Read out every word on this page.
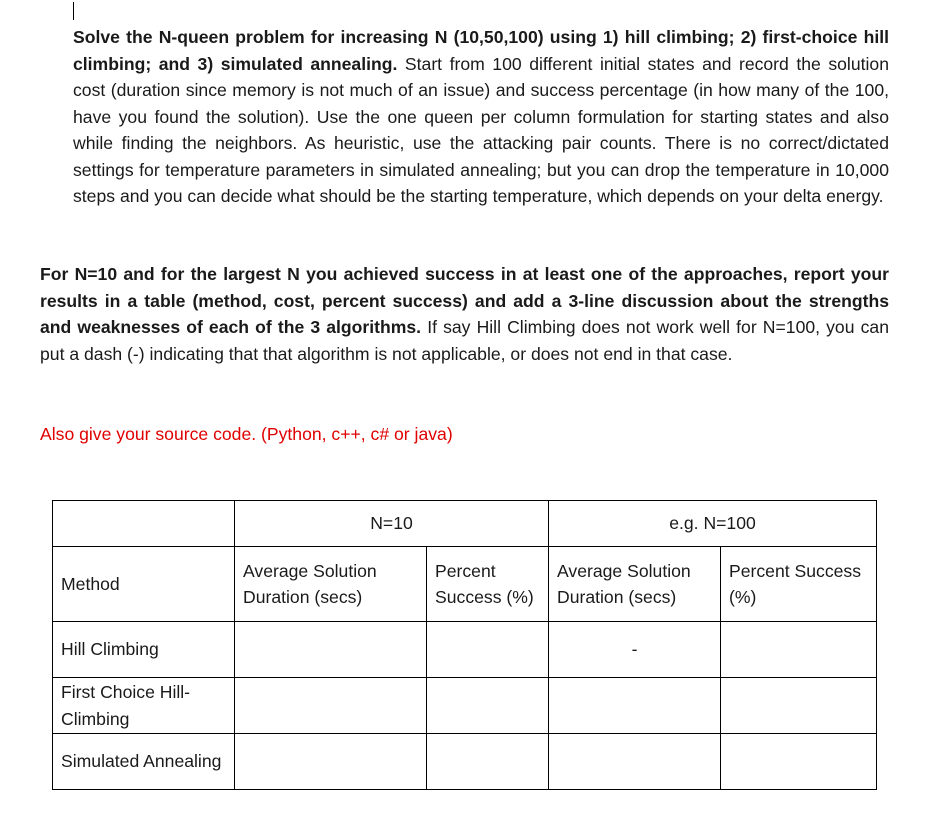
Solve the N-queen problem for increasing N (10,50,100) using 1) hill climbing; 2) first-choice hill climbing; and 3) simulated annealing. Start from 100 different initial states and record the solution cost (duration since memory is not much of an issue) and success percentage (in how many of the 100, have you found the solution). Use the one queen per column formulation for starting states and also while finding the neighbors. As heuristic, use the attacking pair counts. There is no correct/dictated settings for temperature parameters in simulated annealing; but you can drop the temperature in 10,000 steps and you can decide what should be the starting temperature, which depends on your delta energy.

For N=10 and for the largest N you achieved success in at least one of the approaches, report your results in a table (method, cost, percent success) and add a 3-line discussion about the strengths and weaknesses of each of the 3 algorithms. If say Hill Climbing does not work well for N=100, you can put a dash (-) indicating that that algorithm is not applicable, or does not end in that case.

Also give your source code. (Python, c++, c# or java)

	N=10		e.g. N=100	
Method	Average Solution Duration (secs)	Percent Success (%)	Average Solution Duration (secs)	Percent Success (%)
Hill Climbing			-	
First Choice Hill-Climbing				
Simulated Annealing				
